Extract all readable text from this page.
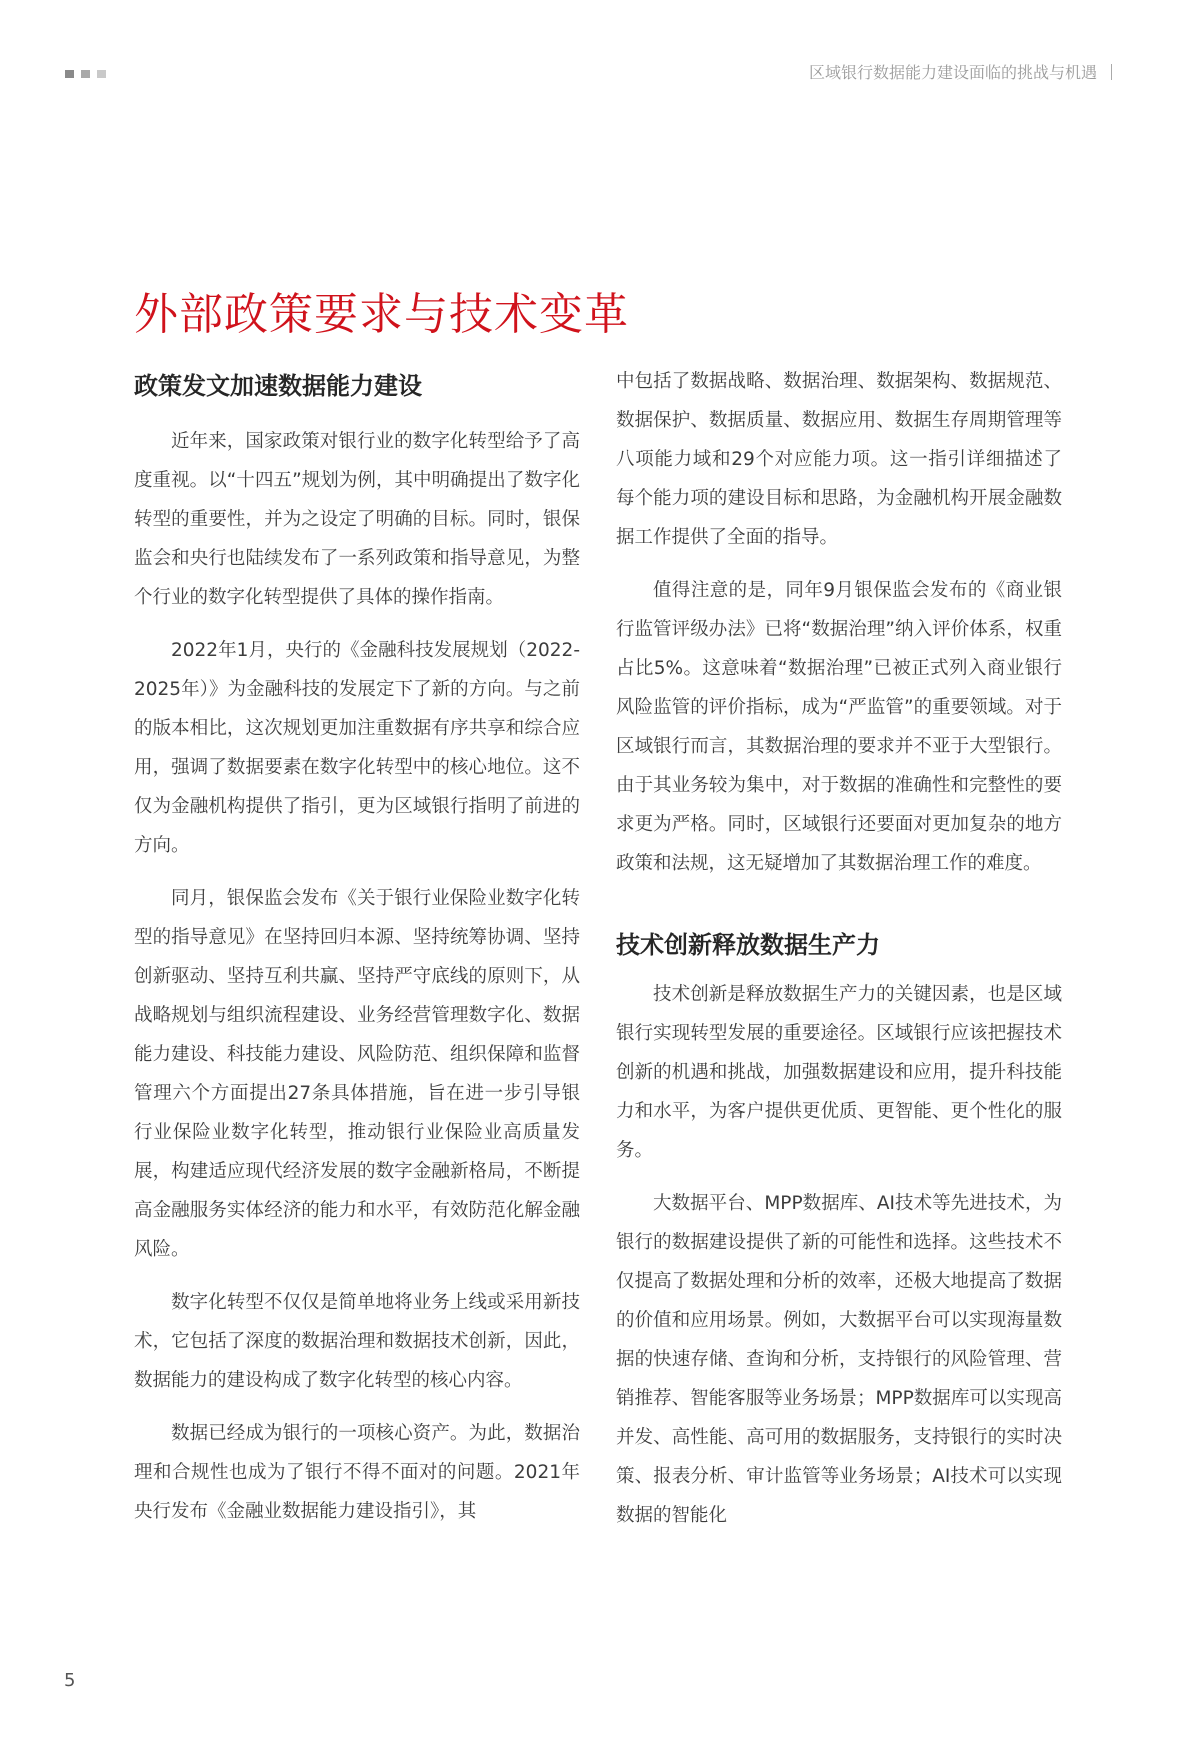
区域银行数据能力建设面临的挑战与机遇
外部政策要求与技术变革
政策发文加速数据能力建设

近年来，国家政策对银行业的数字化转型给予了高度重视。以“十四五”规划为例，其中明确提出了数字化转型的重要性，并为之设定了明确的目标。同时，银保监会和央行也陆续发布了一系列政策和指导意见，为整个行业的数字化转型提供了具体的操作指南。

2022年1月，央行的《金融科技发展规划（2022-2025年）》为金融科技的发展定下了新的方向。与之前的版本相比，这次规划更加注重数据有序共享和综合应用，强调了数据要素在数字化转型中的核心地位。这不仅为金融机构提供了指引，更为区域银行指明了前进的方向。

同月，银保监会发布《关于银行业保险业数字化转型的指导意见》在坚持回归本源、坚持统筹协调、坚持创新驱动、坚持互利共赢、坚持严守底线的原则下，从战略规划与组织流程建设、业务经营管理数字化、数据能力建设、科技能力建设、风险防范、组织保障和监督管理六个方面提出27条具体措施，旨在进一步引导银行业保险业数字化转型，推动银行业保险业高质量发展，构建适应现代经济发展的数字金融新格局，不断提高金融服务实体经济的能力和水平，有效防范化解金融风险。

数字化转型不仅仅是简单地将业务上线或采用新技术，它包括了深度的数据治理和数据技术创新，因此，数据能力的建设构成了数字化转型的核心内容。

数据已经成为银行的一项核心资产。为此，数据治理和合规性也成为了银行不得不面对的问题。2021年央行发布《金融业数据能力建设指引》，其

中包括了数据战略、数据治理、数据架构、数据规范、数据保护、数据质量、数据应用、数据生存周期管理等八项能力域和29个对应能力项。这一指引详细描述了每个能力项的建设目标和思路，为金融机构开展金融数据工作提供了全面的指导。

值得注意的是，同年9月银保监会发布的《商业银行监管评级办法》已将“数据治理”纳入评价体系，权重占比5%。这意味着“数据治理”已被正式列入商业银行风险监管的评价指标，成为“严监管”的重要领域。对于区域银行而言，其数据治理的要求并不亚于大型银行。由于其业务较为集中，对于数据的准确性和完整性的要求更为严格。同时，区域银行还要面对更加复杂的地方政策和法规，这无疑增加了其数据治理工作的难度。

技术创新释放数据生产力

技术创新是释放数据生产力的关键因素，也是区域银行实现转型发展的重要途径。区域银行应该把握技术创新的机遇和挑战，加强数据建设和应用，提升科技能力和水平，为客户提供更优质、更智能、更个性化的服务。

大数据平台、MPP数据库、AI技术等先进技术，为银行的数据建设提供了新的可能性和选择。这些技术不仅提高了数据处理和分析的效率，还极大地提高了数据的价值和应用场景。例如，大数据平台可以实现海量数据的快速存储、查询和分析，支持银行的风险管理、营销推荐、智能客服等业务场景；MPP数据库可以实现高并发、高性能、高可用的数据服务，支持银行的实时决策、报表分析、审计监管等业务场景；AI技术可以实现数据的智能化

5
